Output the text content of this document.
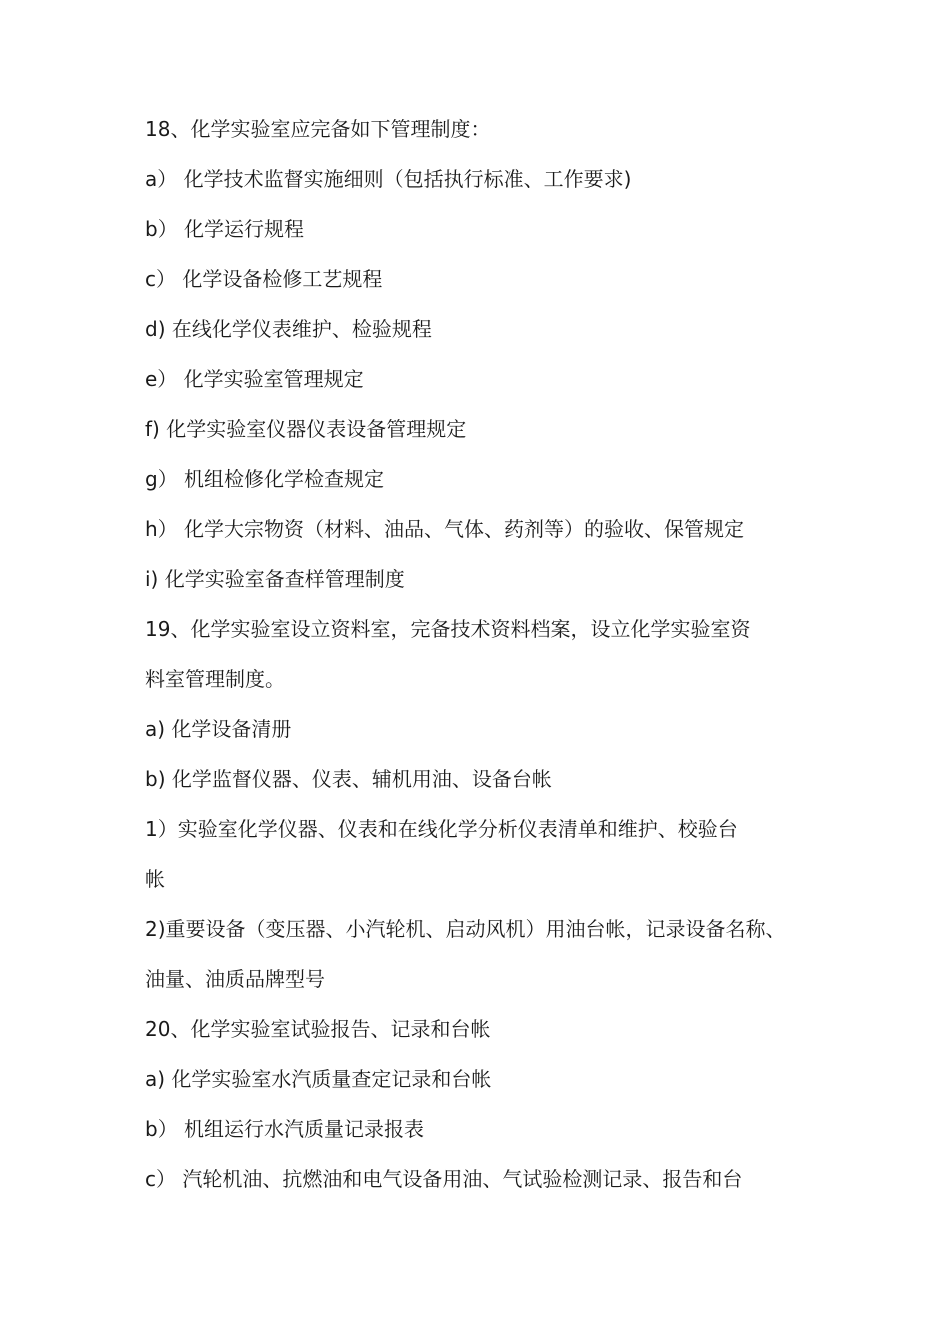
18、化学实验室应完备如下管理制度：
a） 化学技术监督实施细则（包括执行标准、工作要求)
b） 化学运行规程
c） 化学设备检修工艺规程
d) 在线化学仪表维护、检验规程
e） 化学实验室管理规定
f) 化学实验室仪器仪表设备管理规定
g） 机组检修化学检查规定
h） 化学大宗物资（材料、油品、气体、药剂等）的验收、保管规定
i) 化学实验室备查样管理制度
19、化学实验室设立资料室，完备技术资料档案，设立化学实验室资
料室管理制度。
a) 化学设备清册
b) 化学监督仪器、仪表、辅机用油、设备台帐
1）实验室化学仪器、仪表和在线化学分析仪表清单和维护、校验台
帐
2)重要设备（变压器、小汽轮机、启动风机）用油台帐，记录设备名称、
油量、油质品牌型号
20、化学实验室试验报告、记录和台帐
a) 化学实验室水汽质量查定记录和台帐
b） 机组运行水汽质量记录报表
c） 汽轮机油、抗燃油和电气设备用油、气试验检测记录、报告和台
